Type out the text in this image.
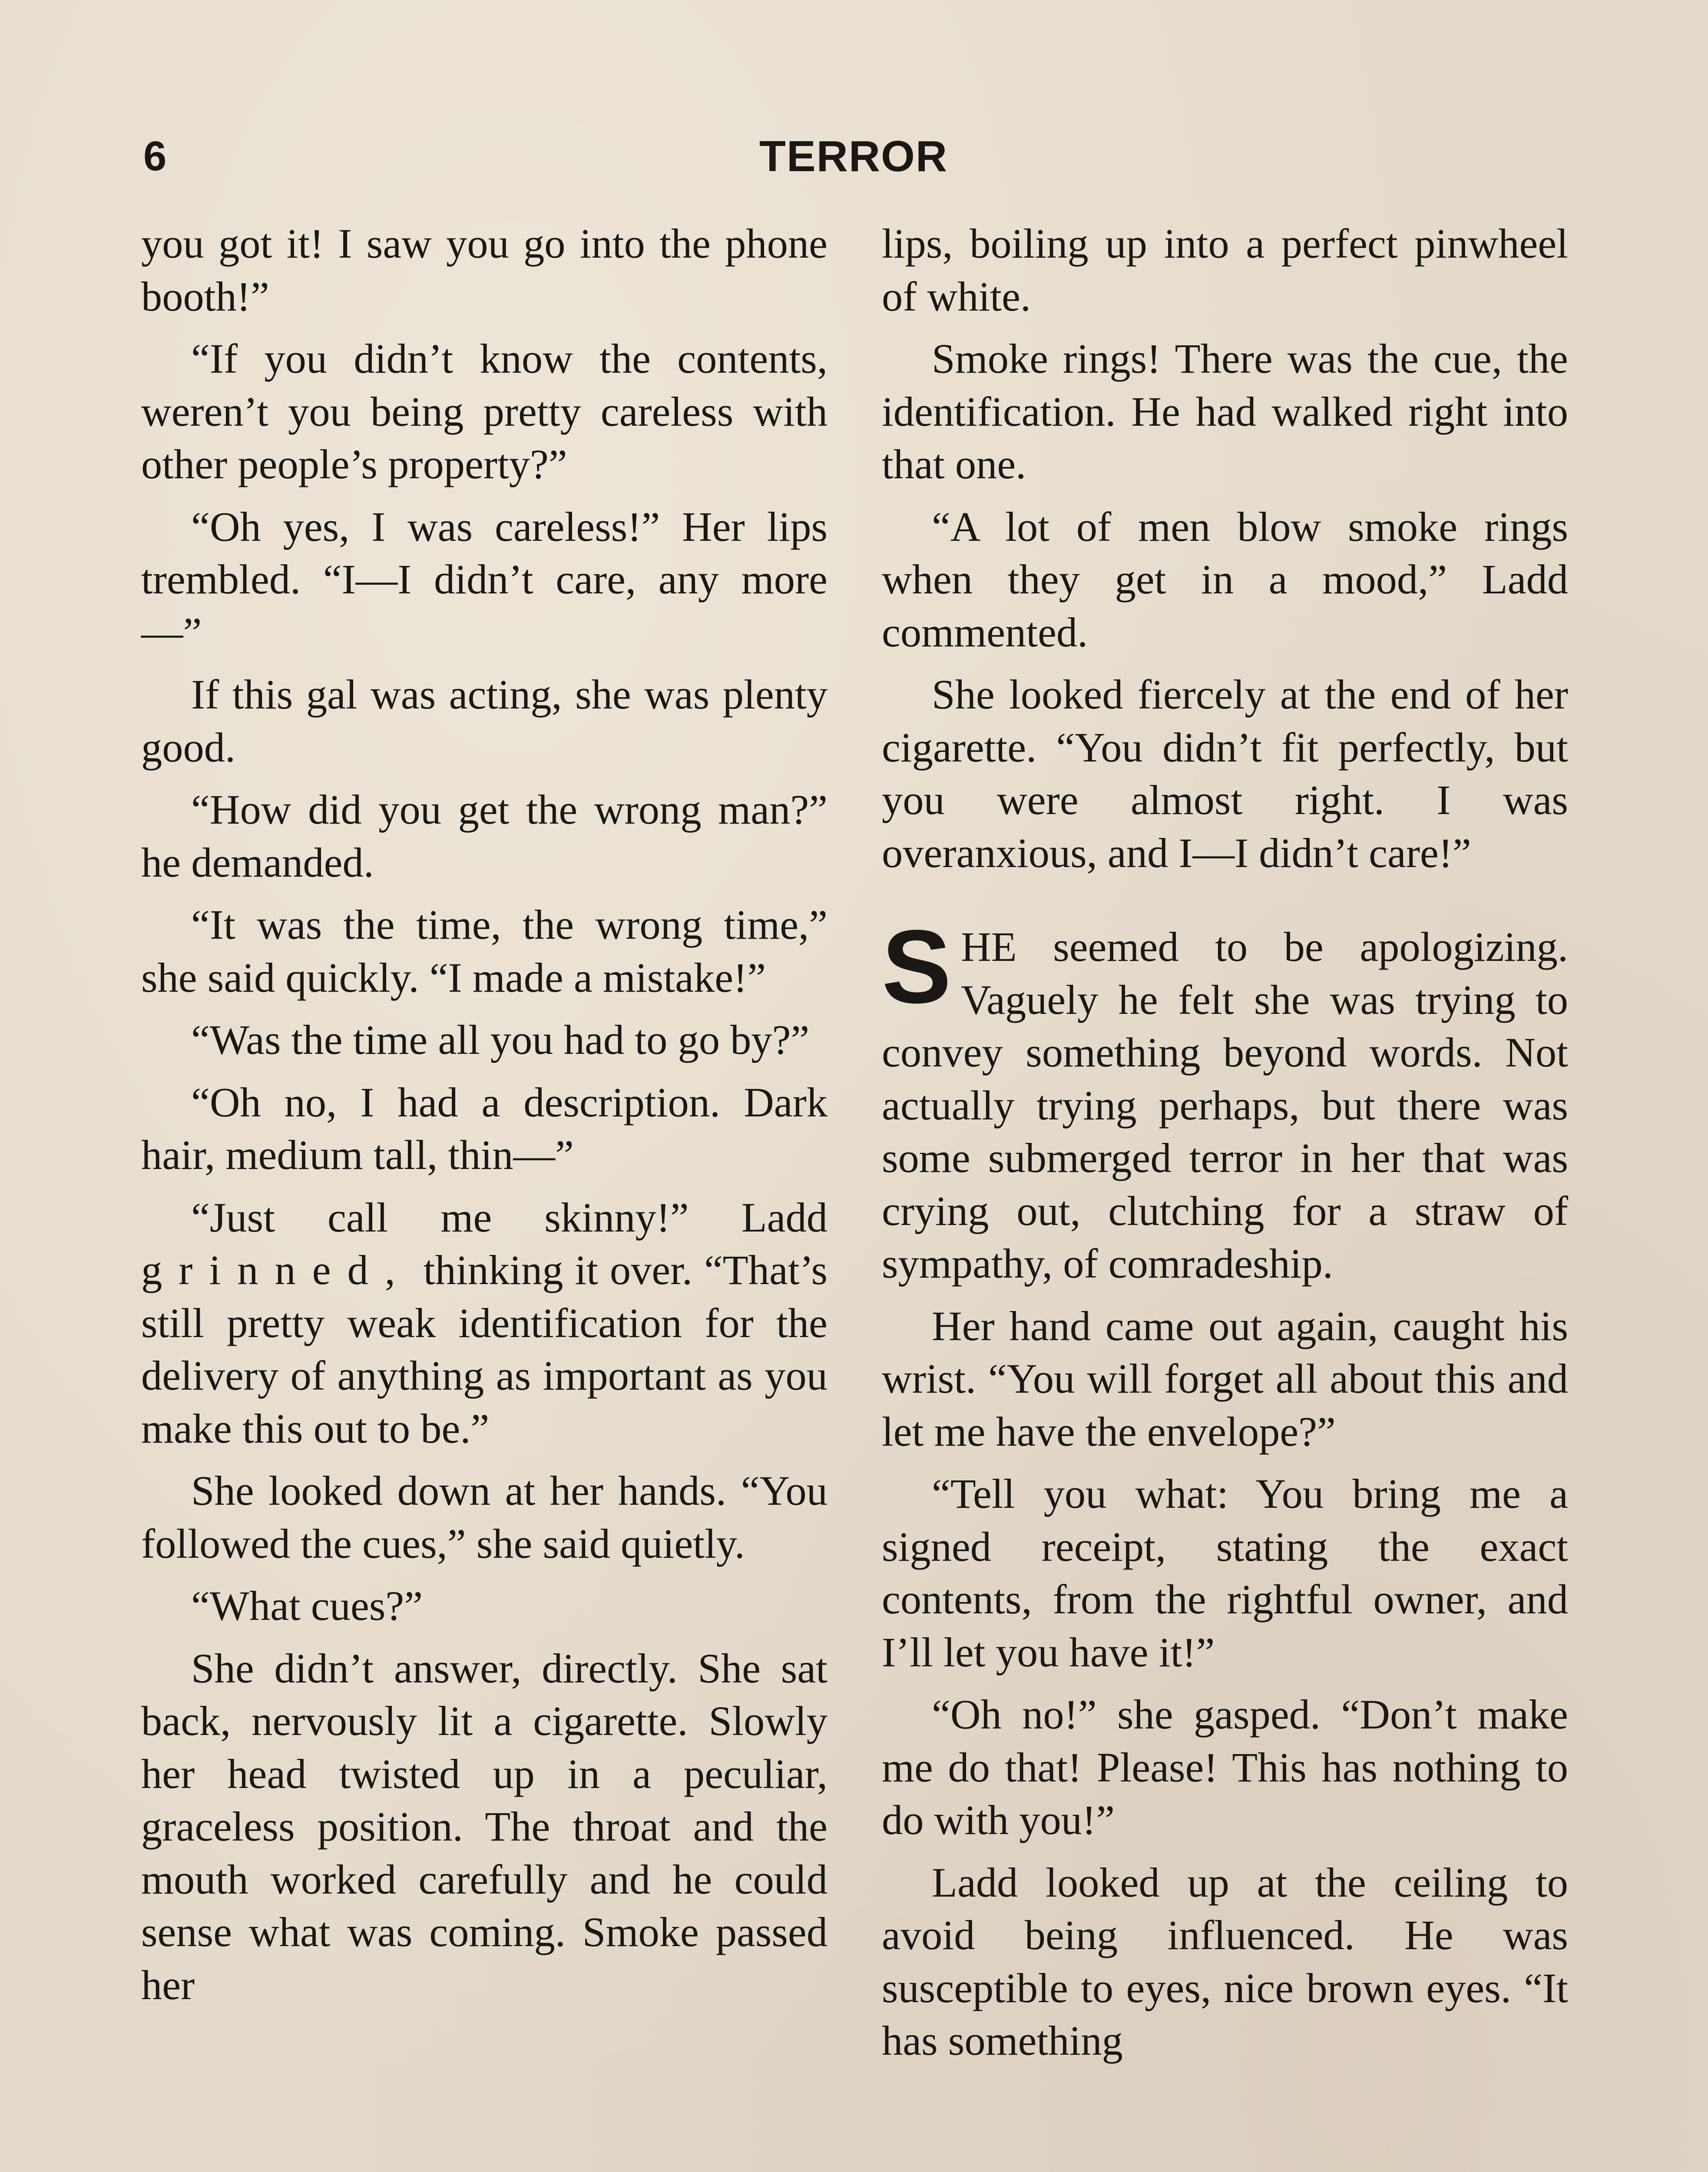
6	TERROR

you got it! I saw you go into the phone booth!”

“If you didn’t know the contents, weren’t you being pretty careless with other people’s property?”

“Oh yes, I was careless!” Her lips trembled. “I—I didn’t care, any more—”

If this gal was acting, she was plenty good.

“How did you get the wrong man?” he demanded.

“It was the time, the wrong time,” she said quickly. “I made a mistake!”

“Was the time all you had to go by?”

“Oh no, I had a description. Dark hair, medium tall, thin—”

“Just call me skinny!” Ladd grinned, thinking it over. “That’s still pretty weak identification for the delivery of anything as important as you make this out to be.”

She looked down at her hands. “You followed the cues,” she said quietly.

“What cues?”

She didn’t answer, directly. She sat back, nervously lit a cigarette. Slowly her head twisted up in a peculiar, graceless position. The throat and the mouth worked carefully and he could sense what was coming. Smoke passed her

lips, boiling up into a perfect pinwheel of white.

Smoke rings! There was the cue, the identification. He had walked right into that one.

“A lot of men blow smoke rings when they get in a mood,” Ladd commented.

She looked fiercely at the end of her cigarette. “You didn’t fit perfectly, but you were almost right. I was overanxious, and I—I didn’t care!”

SHE seemed to be apologizing. Vaguely he felt she was trying to convey something beyond words. Not actually trying perhaps, but there was some submerged terror in her that was crying out, clutching for a straw of sympathy, of comradeship.

Her hand came out again, caught his wrist. “You will forget all about this and let me have the envelope?”

“Tell you what: You bring me a signed receipt, stating the exact contents, from the rightful owner, and I’ll let you have it!”

“Oh no!” she gasped. “Don’t make me do that! Please! This has nothing to do with you!”

Ladd looked up at the ceiling to avoid being influenced. He was susceptible to eyes, nice brown eyes. “It has something
